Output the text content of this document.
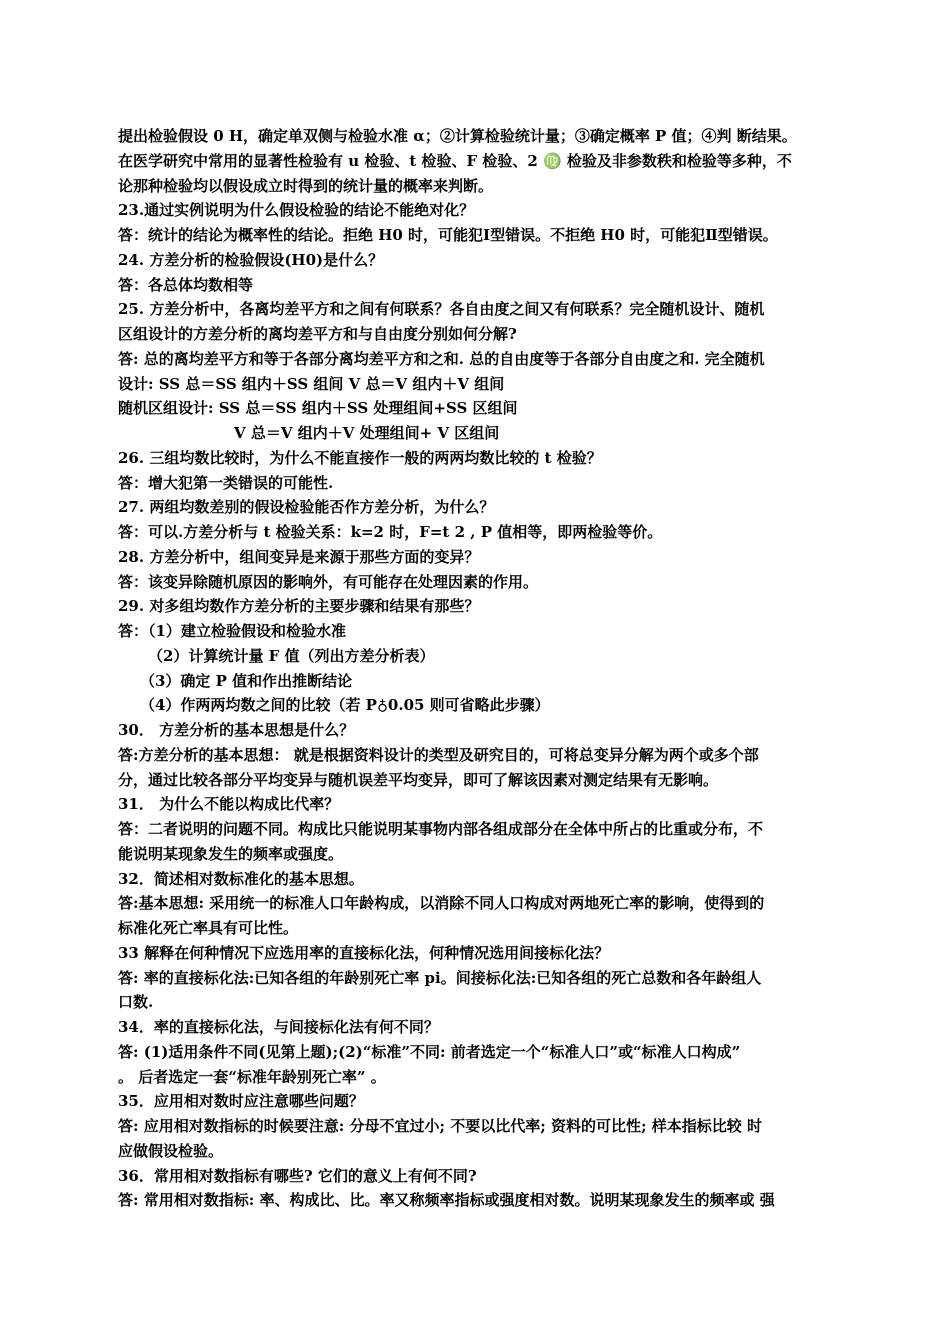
提出检验假设 0 H，确定单双侧与检验水准 α；②计算检验统计量；③确定概率 P 值；④判 断结果。
在医学研究中常用的显著性检验有 u 检验、t 检验、F 检验、2 ♍ 检验及非参数秩和检验等多种，不
论那种检验均以假设成立时得到的统计量的概率来判断。
23.通过实例说明为什么假设检验的结论不能绝对化？
答：统计的结论为概率性的结论。拒绝 H0 时，可能犯Ⅰ型错误。不拒绝 H0 时，可能犯Ⅱ型错误。
24. 方差分析的检验假设(H0)是什么？
答：各总体均数相等
25. 方差分析中，各离均差平方和之间有何联系？各自由度之间又有何联系？完全随机设计、随机
区组设计的方差分析的离均差平方和与自由度分别如何分解?
答: 总的离均差平方和等于各部分离均差平方和之和. 总的自由度等于各部分自由度之和. 完全随机
设计: SS 总＝SS 组内＋SS 组间 V 总＝V 组内＋V 组间
随机区组设计: SS 总＝SS 组内＋SS 处理组间+SS 区组间
V 总＝V 组内＋V 处理组间+ V 区组间
26. 三组均数比较时，为什么不能直接作一般的两两均数比较的 t 检验？
答：增大犯第一类错误的可能性.
27. 两组均数差别的假设检验能否作方差分析，为什么？
答：可以.方差分析与 t 检验关系：k=2 时，F=t 2 , P 值相等，即两检验等价。
28. 方差分析中，组间变异是来源于那些方面的变异？
答：该变异除随机原因的影响外，有可能存在处理因素的作用。
29. 对多组均数作方差分析的主要步骤和结果有那些？
答：（1）建立检验假设和检验水准
（2）计算统计量 F 值（列出方差分析表）
（3）确定 P 值和作出推断结论
（4）作两两均数之间的比较（若 P♁0.05 则可省略此步骤）
30． 方差分析的基本思想是什么？
答:方差分析的基本思想： 就是根据资料设计的类型及研究目的，可将总变异分解为两个或多个部
分，通过比较各部分平均变异与随机误差平均变异，即可了解该因素对测定结果有无影响。
31． 为什么不能以构成比代率？
答：二者说明的问题不同。构成比只能说明某事物内部各组成部分在全体中所占的比重或分布，不
能说明某现象发生的频率或强度。
32．简述相对数标准化的基本思想。
答:基本思想: 采用统一的标准人口年龄构成，以消除不同人口构成对两地死亡率的影响，使得到的
标准化死亡率具有可比性。
33 解释在何种情况下应选用率的直接标化法，何种情况选用间接标化法？
答: 率的直接标化法:已知各组的年龄别死亡率 pi。间接标化法:已知各组的死亡总数和各年龄组人
口数.
34．率的直接标化法，与间接标化法有何不同？
答: (1)适用条件不同(见第上题);(2)“标准”不同: 前者选定一个“标准人口”或“标准人口构成”
。 后者选定一套“标准年龄别死亡率” 。
35．应用相对数时应注意哪些问题？
答: 应用相对数指标的时候要注意: 分母不宜过小; 不要以比代率; 资料的可比性; 样本指标比较 时
应做假设检验。
36．常用相对数指标有哪些? 它们的意义上有何不同?
答: 常用相对数指标: 率、构成比、比。率又称频率指标或强度相对数。说明某现象发生的频率或 强
